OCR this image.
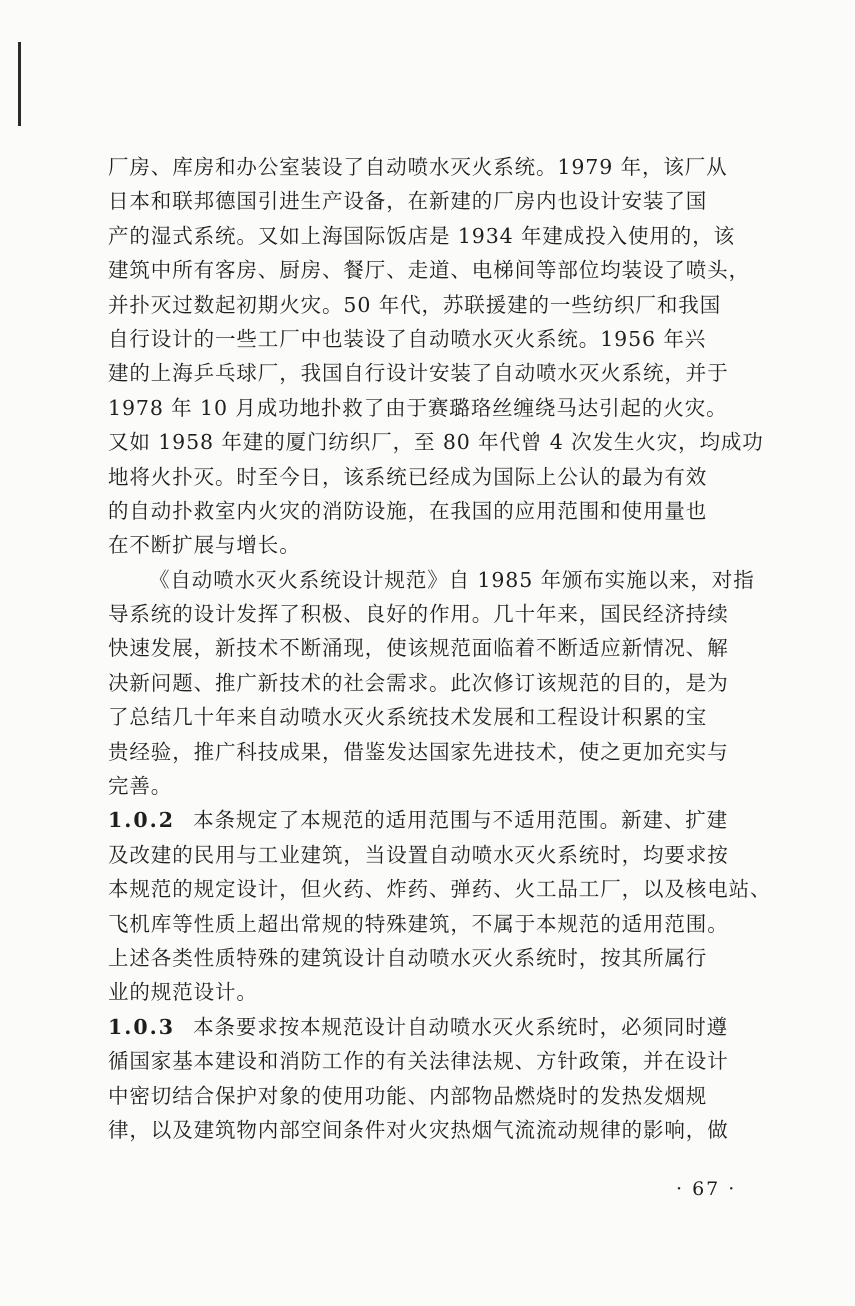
厂房、库房和办公室装设了自动喷水灭火系统。1979 年，该厂从
日本和联邦德国引进生产设备，在新建的厂房内也设计安装了国
产的湿式系统。又如上海国际饭店是 1934 年建成投入使用的，该
建筑中所有客房、厨房、餐厅、走道、电梯间等部位均装设了喷头，
并扑灭过数起初期火灾。50 年代，苏联援建的一些纺织厂和我国
自行设计的一些工厂中也装设了自动喷水灭火系统。1956 年兴
建的上海乒乓球厂，我国自行设计安装了自动喷水灭火系统，并于
1978 年 10 月成功地扑救了由于赛璐珞丝缠绕马达引起的火灾。
又如 1958 年建的厦门纺织厂，至 80 年代曾 4 次发生火灾，均成功
地将火扑灭。时至今日，该系统已经成为国际上公认的最为有效
的自动扑救室内火灾的消防设施，在我国的应用范围和使用量也
在不断扩展与增长。
《自动喷水灭火系统设计规范》自 1985 年颁布实施以来，对指
导系统的设计发挥了积极、良好的作用。几十年来，国民经济持续
快速发展，新技术不断涌现，使该规范面临着不断适应新情况、解
决新问题、推广新技术的社会需求。此次修订该规范的目的，是为
了总结几十年来自动喷水灭火系统技术发展和工程设计积累的宝
贵经验，推广科技成果，借鉴发达国家先进技术，使之更加充实与
完善。
1.0.2 本条规定了本规范的适用范围与不适用范围。新建、扩建
及改建的民用与工业建筑，当设置自动喷水灭火系统时，均要求按
本规范的规定设计，但火药、炸药、弹药、火工品工厂，以及核电站、
飞机库等性质上超出常规的特殊建筑，不属于本规范的适用范围。
上述各类性质特殊的建筑设计自动喷水灭火系统时，按其所属行
业的规范设计。
1.0.3 本条要求按本规范设计自动喷水灭火系统时，必须同时遵
循国家基本建设和消防工作的有关法律法规、方针政策，并在设计
中密切结合保护对象的使用功能、内部物品燃烧时的发热发烟规
律，以及建筑物内部空间条件对火灾热烟气流流动规律的影响，做
· 67 ·
